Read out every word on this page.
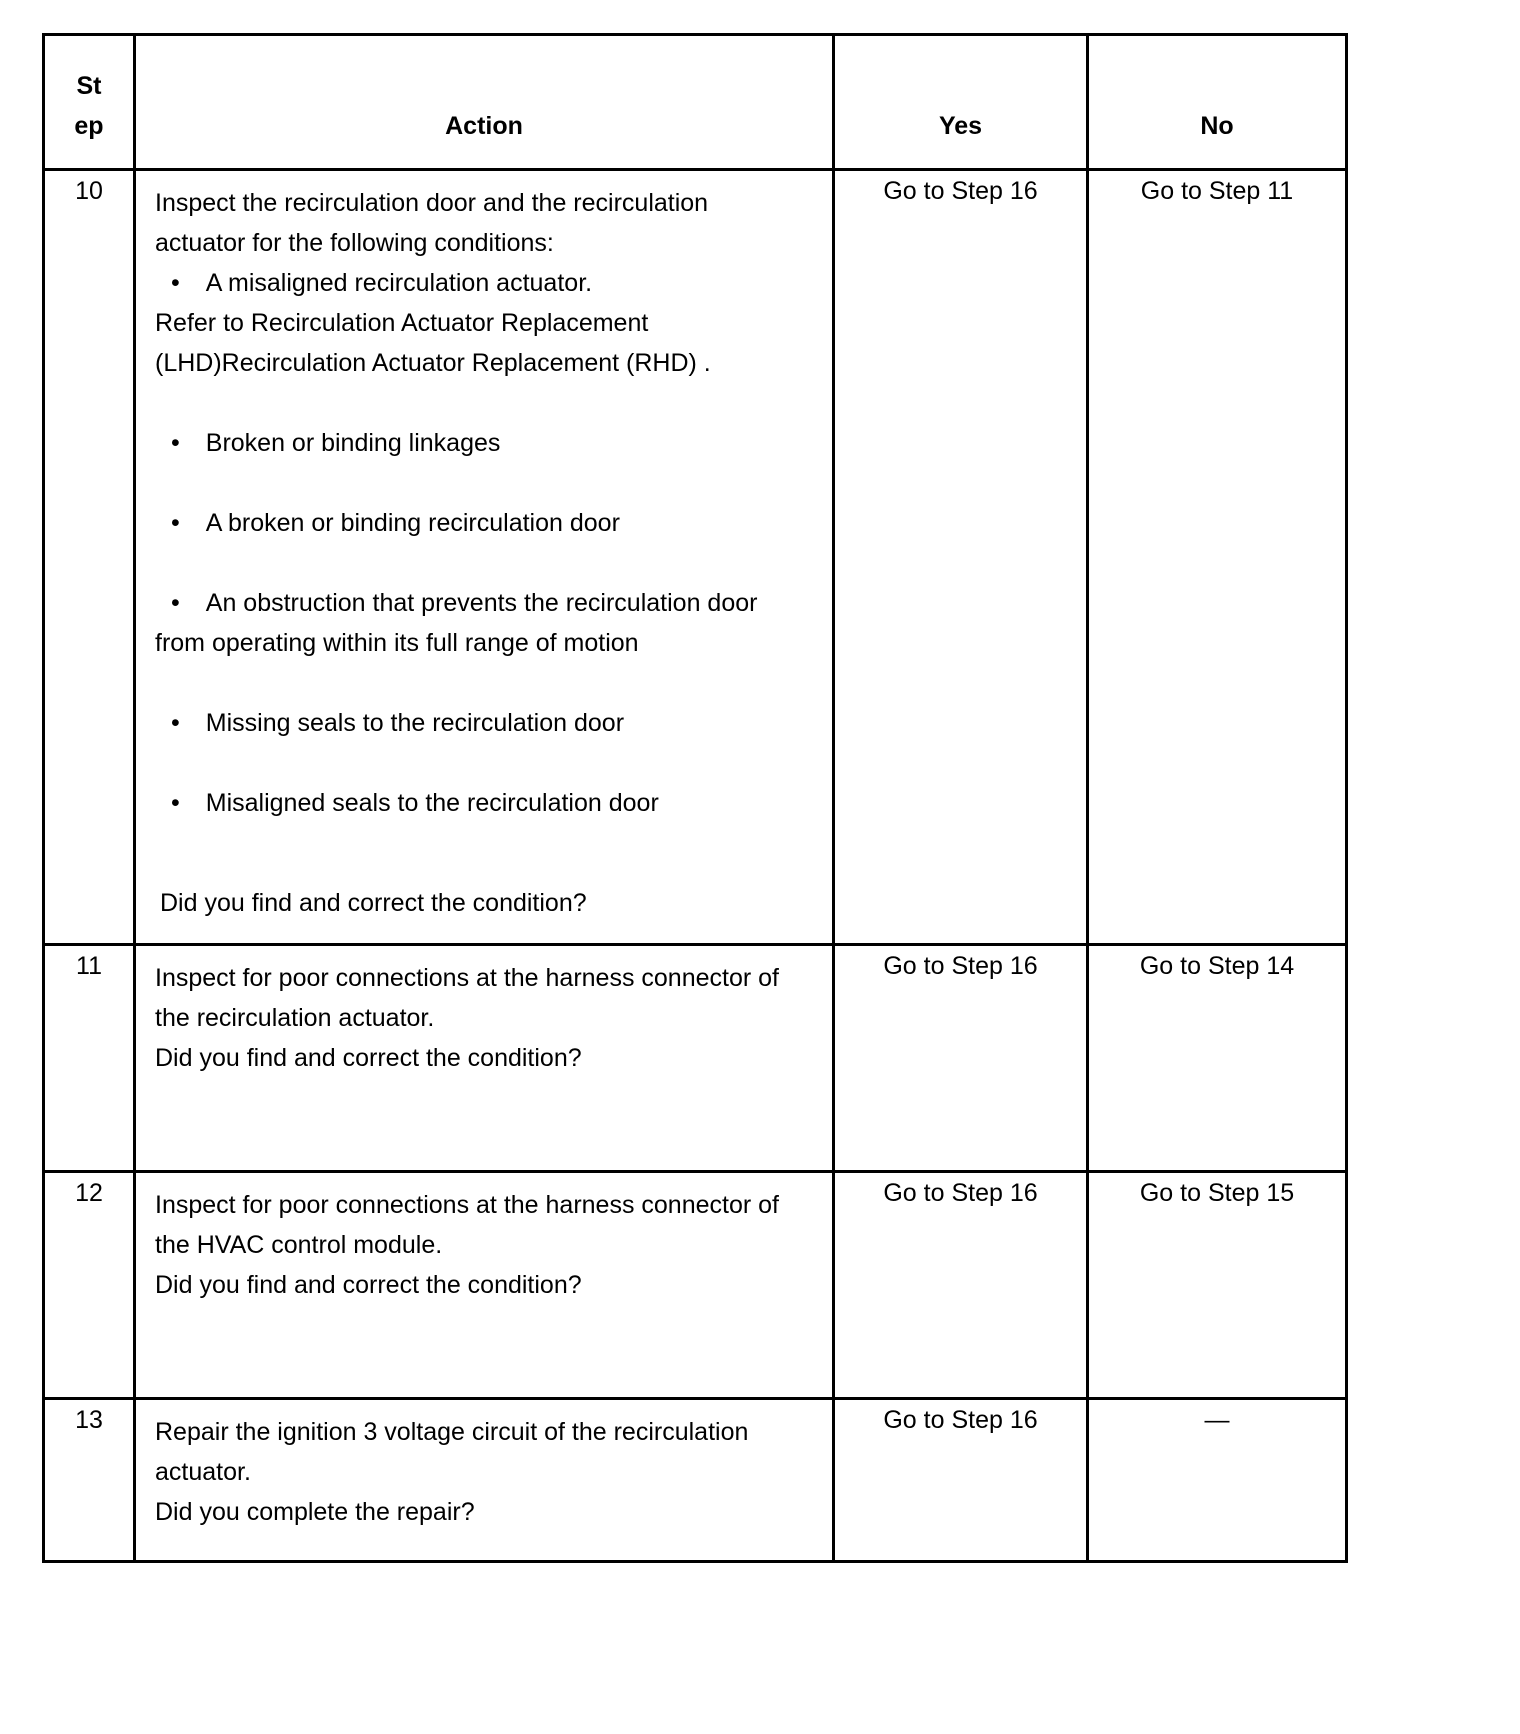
St
ep	Action	Yes	No
10	Inspect the recirculation door and the recirculation actuator for the following conditions:

• A misaligned recirculation actuator.

Refer to Recirculation Actuator Replacement (LHD)Recirculation Actuator Replacement (RHD) .

• Broken or binding linkages

• A broken or binding recirculation door

• An obstruction that prevents the recirculation door from operating within its full range of motion

• Missing seals to the recirculation door

• Misaligned seals to the recirculation door

Did you find and correct the condition?

	Go to Step 16	Go to Step 11
11	Inspect for poor connections at the harness connector of the recirculation actuator.

Did you find and correct the condition?	Go to Step 16	Go to Step 14
12	Inspect for poor connections at the harness connector of the HVAC control module.

Did you find and correct the condition?	Go to Step 16	Go to Step 15
13	Repair the ignition 3 voltage circuit of the recirculation actuator.

Did you complete the repair?	Go to Step 16	—
